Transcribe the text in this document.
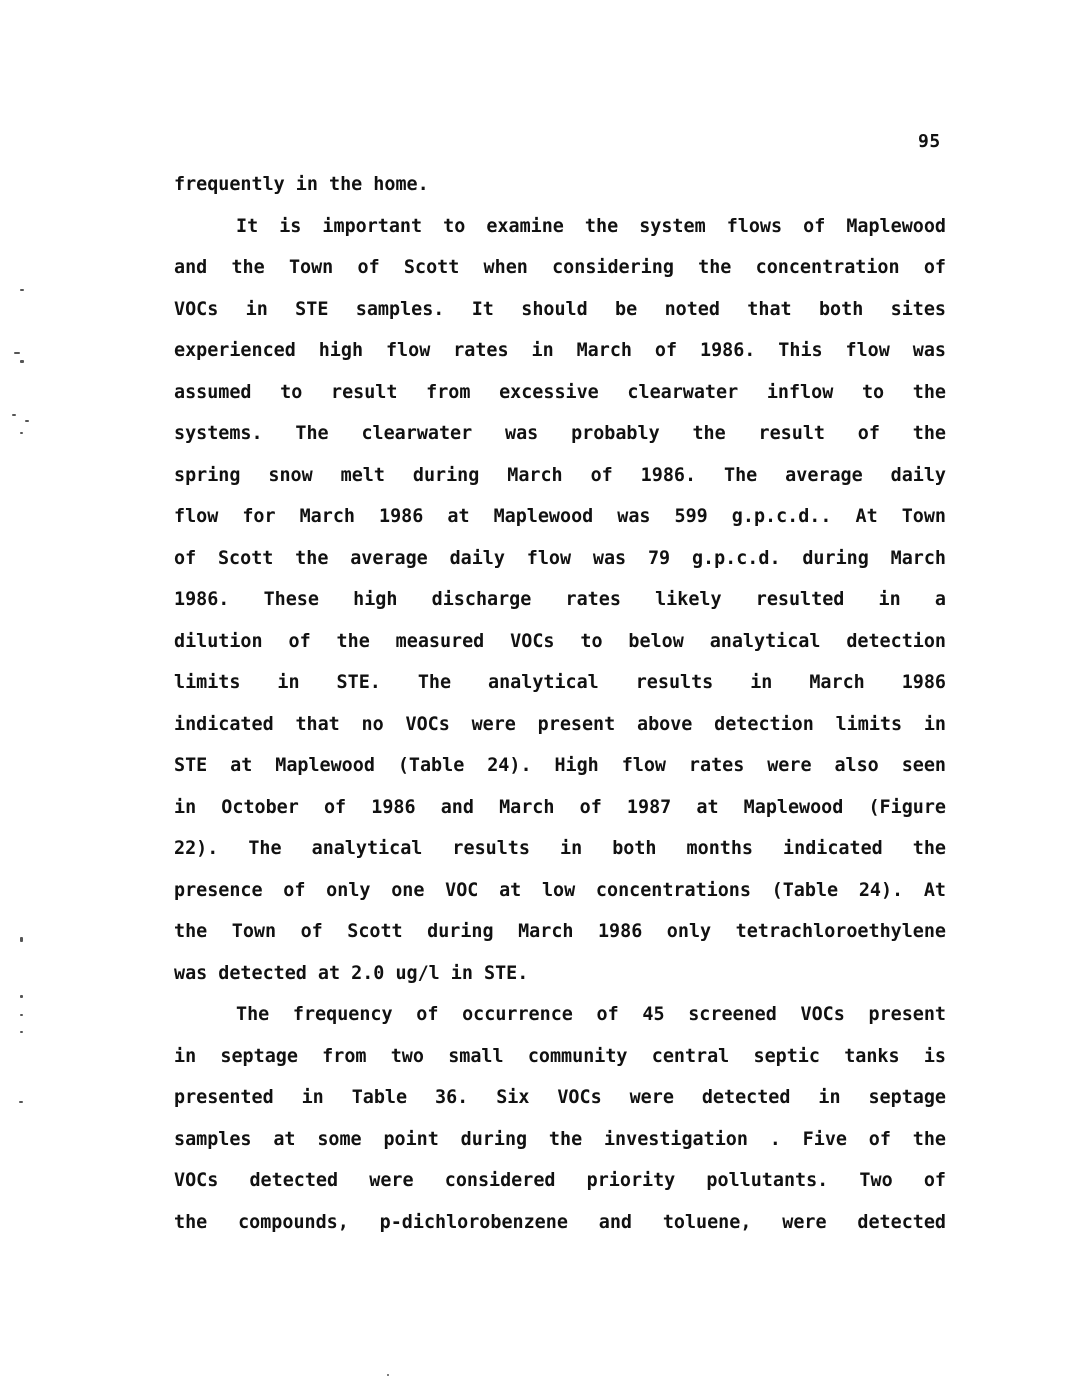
95
frequently in the home.
It is important to examine the system flows of Maplewood
and the Town of Scott when considering the concentration of
VOCs in STE samples. It should be noted that both sites
experienced high flow rates in March of 1986. This flow was
assumed to result from excessive clearwater inflow to the
systems. The clearwater was probably the result of the
spring snow melt during March of 1986. The average daily
flow for March 1986 at Maplewood was 599 g.p.c.d.. At Town
of Scott the average daily flow was 79 g.p.c.d. during March
1986. These high discharge rates likely resulted in a
dilution of the measured VOCs to below analytical detection
limits in STE. The analytical results in March 1986
indicated that no VOCs were present above detection limits in
STE at Maplewood (Table 24). High flow rates were also seen
in October of 1986 and March of 1987 at Maplewood (Figure
22). The analytical results in both months indicated the
presence of only one VOC at low concentrations (Table 24). At
the Town of Scott during March 1986 only tetrachloroethylene
was detected at 2.0 ug/l in STE.
The frequency of occurrence of 45 screened VOCs present
in septage from two small community central septic tanks is
presented in Table 36. Six VOCs were detected in septage
samples at some point during the investigation . Five of the
VOCs detected were considered priority pollutants. Two of
the compounds, p-dichlorobenzene and toluene, were detected
